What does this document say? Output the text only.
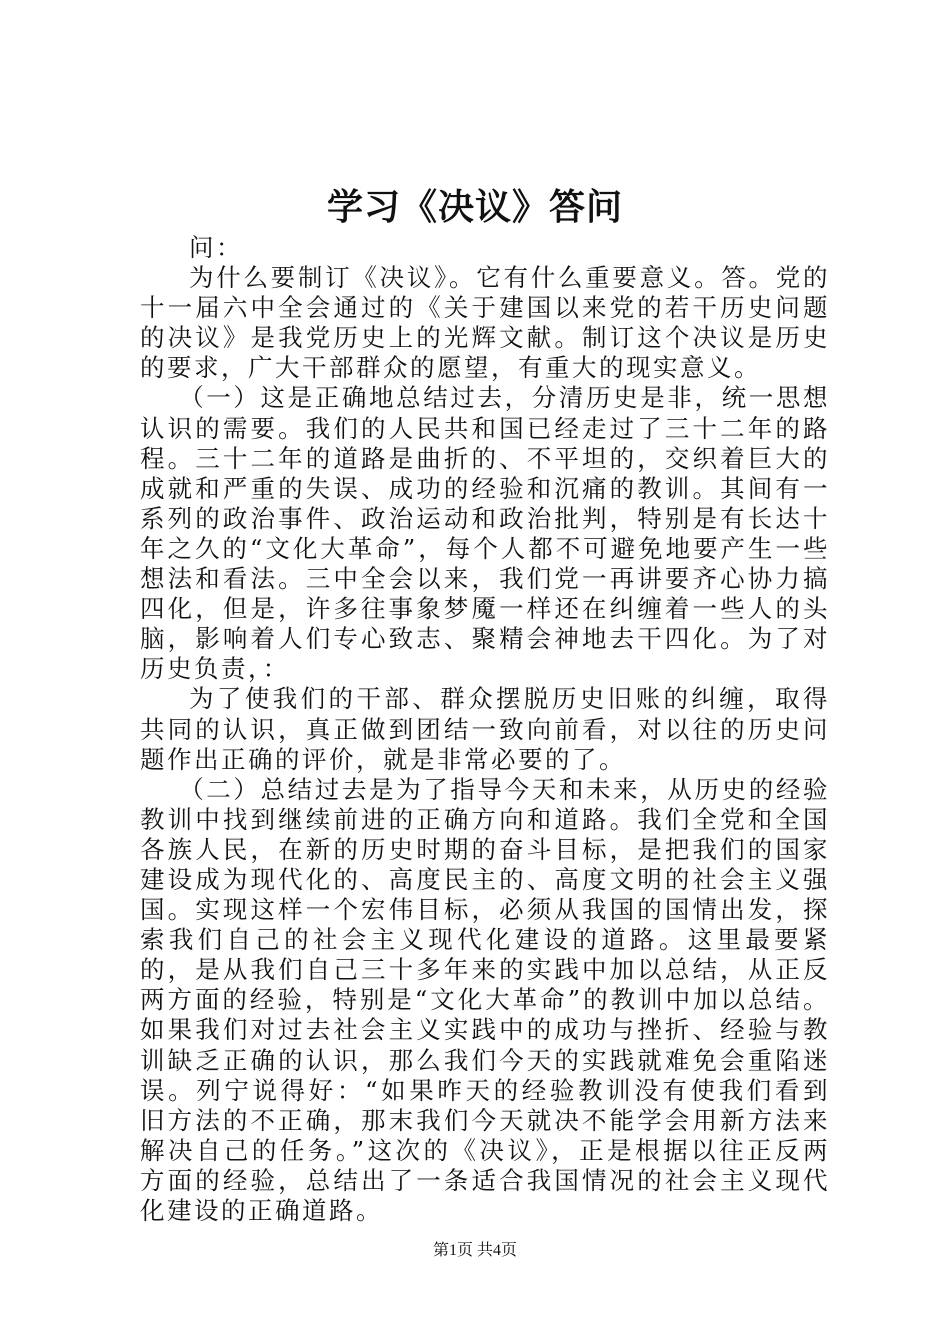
学习《决议》答问

问：

为什么要制订《决议》。它有什么重要意义。答。党的十一届六中全会通过的《关于建国以来党的若干历史问题的决议》是我党历史上的光辉文献。制订这个决议是历史的要求，广大干部群众的愿望，有重大的现实意义。

（一）这是正确地总结过去，分清历史是非，统一思想认识的需要。我们的人民共和国已经走过了三十二年的路程。三十二年的道路是曲折的、不平坦的，交织着巨大的成就和严重的失误、成功的经验和沉痛的教训。其间有一系列的政治事件、政治运动和政治批判，特别是有长达十年之久的“文化大革命”，每个人都不可避免地要产生一些想法和看法。三中全会以来，我们党一再讲要齐心协力搞四化，但是，许多往事象梦魇一样还在纠缠着一些人的头脑，影响着人们专心致志、聚精会神地去干四化。为了对历史负责，：

为了使我们的干部、群众摆脱历史旧账的纠缠，取得共同的认识，真正做到团结一致向前看，对以往的历史问题作出正确的评价，就是非常必要的了。

（二）总结过去是为了指导今天和未来，从历史的经验教训中找到继续前进的正确方向和道路。我们全党和全国各族人民，在新的历史时期的奋斗目标，是把我们的国家建设成为现代化的、高度民主的、高度文明的社会主义强国。实现这样一个宏伟目标，必须从我国的国情出发，探索我们自己的社会主义现代化建设的道路。这里最要紧的，是从我们自己三十多年来的实践中加以总结，从正反两方面的经验，特别是“文化大革命”的教训中加以总结。如果我们对过去社会主义实践中的成功与挫折、经验与教训缺乏正确的认识，那么我们今天的实践就难免会重陷迷误。列宁说得好：“如果昨天的经验教训没有使我们看到旧方法的不正确，那末我们今天就决不能学会用新方法来解决自己的任务。”这次的《决议》，正是根据以往正反两方面的经验，总结出了一条适合我国情况的社会主义现代化建设的正确道路。

第1页 共4页
